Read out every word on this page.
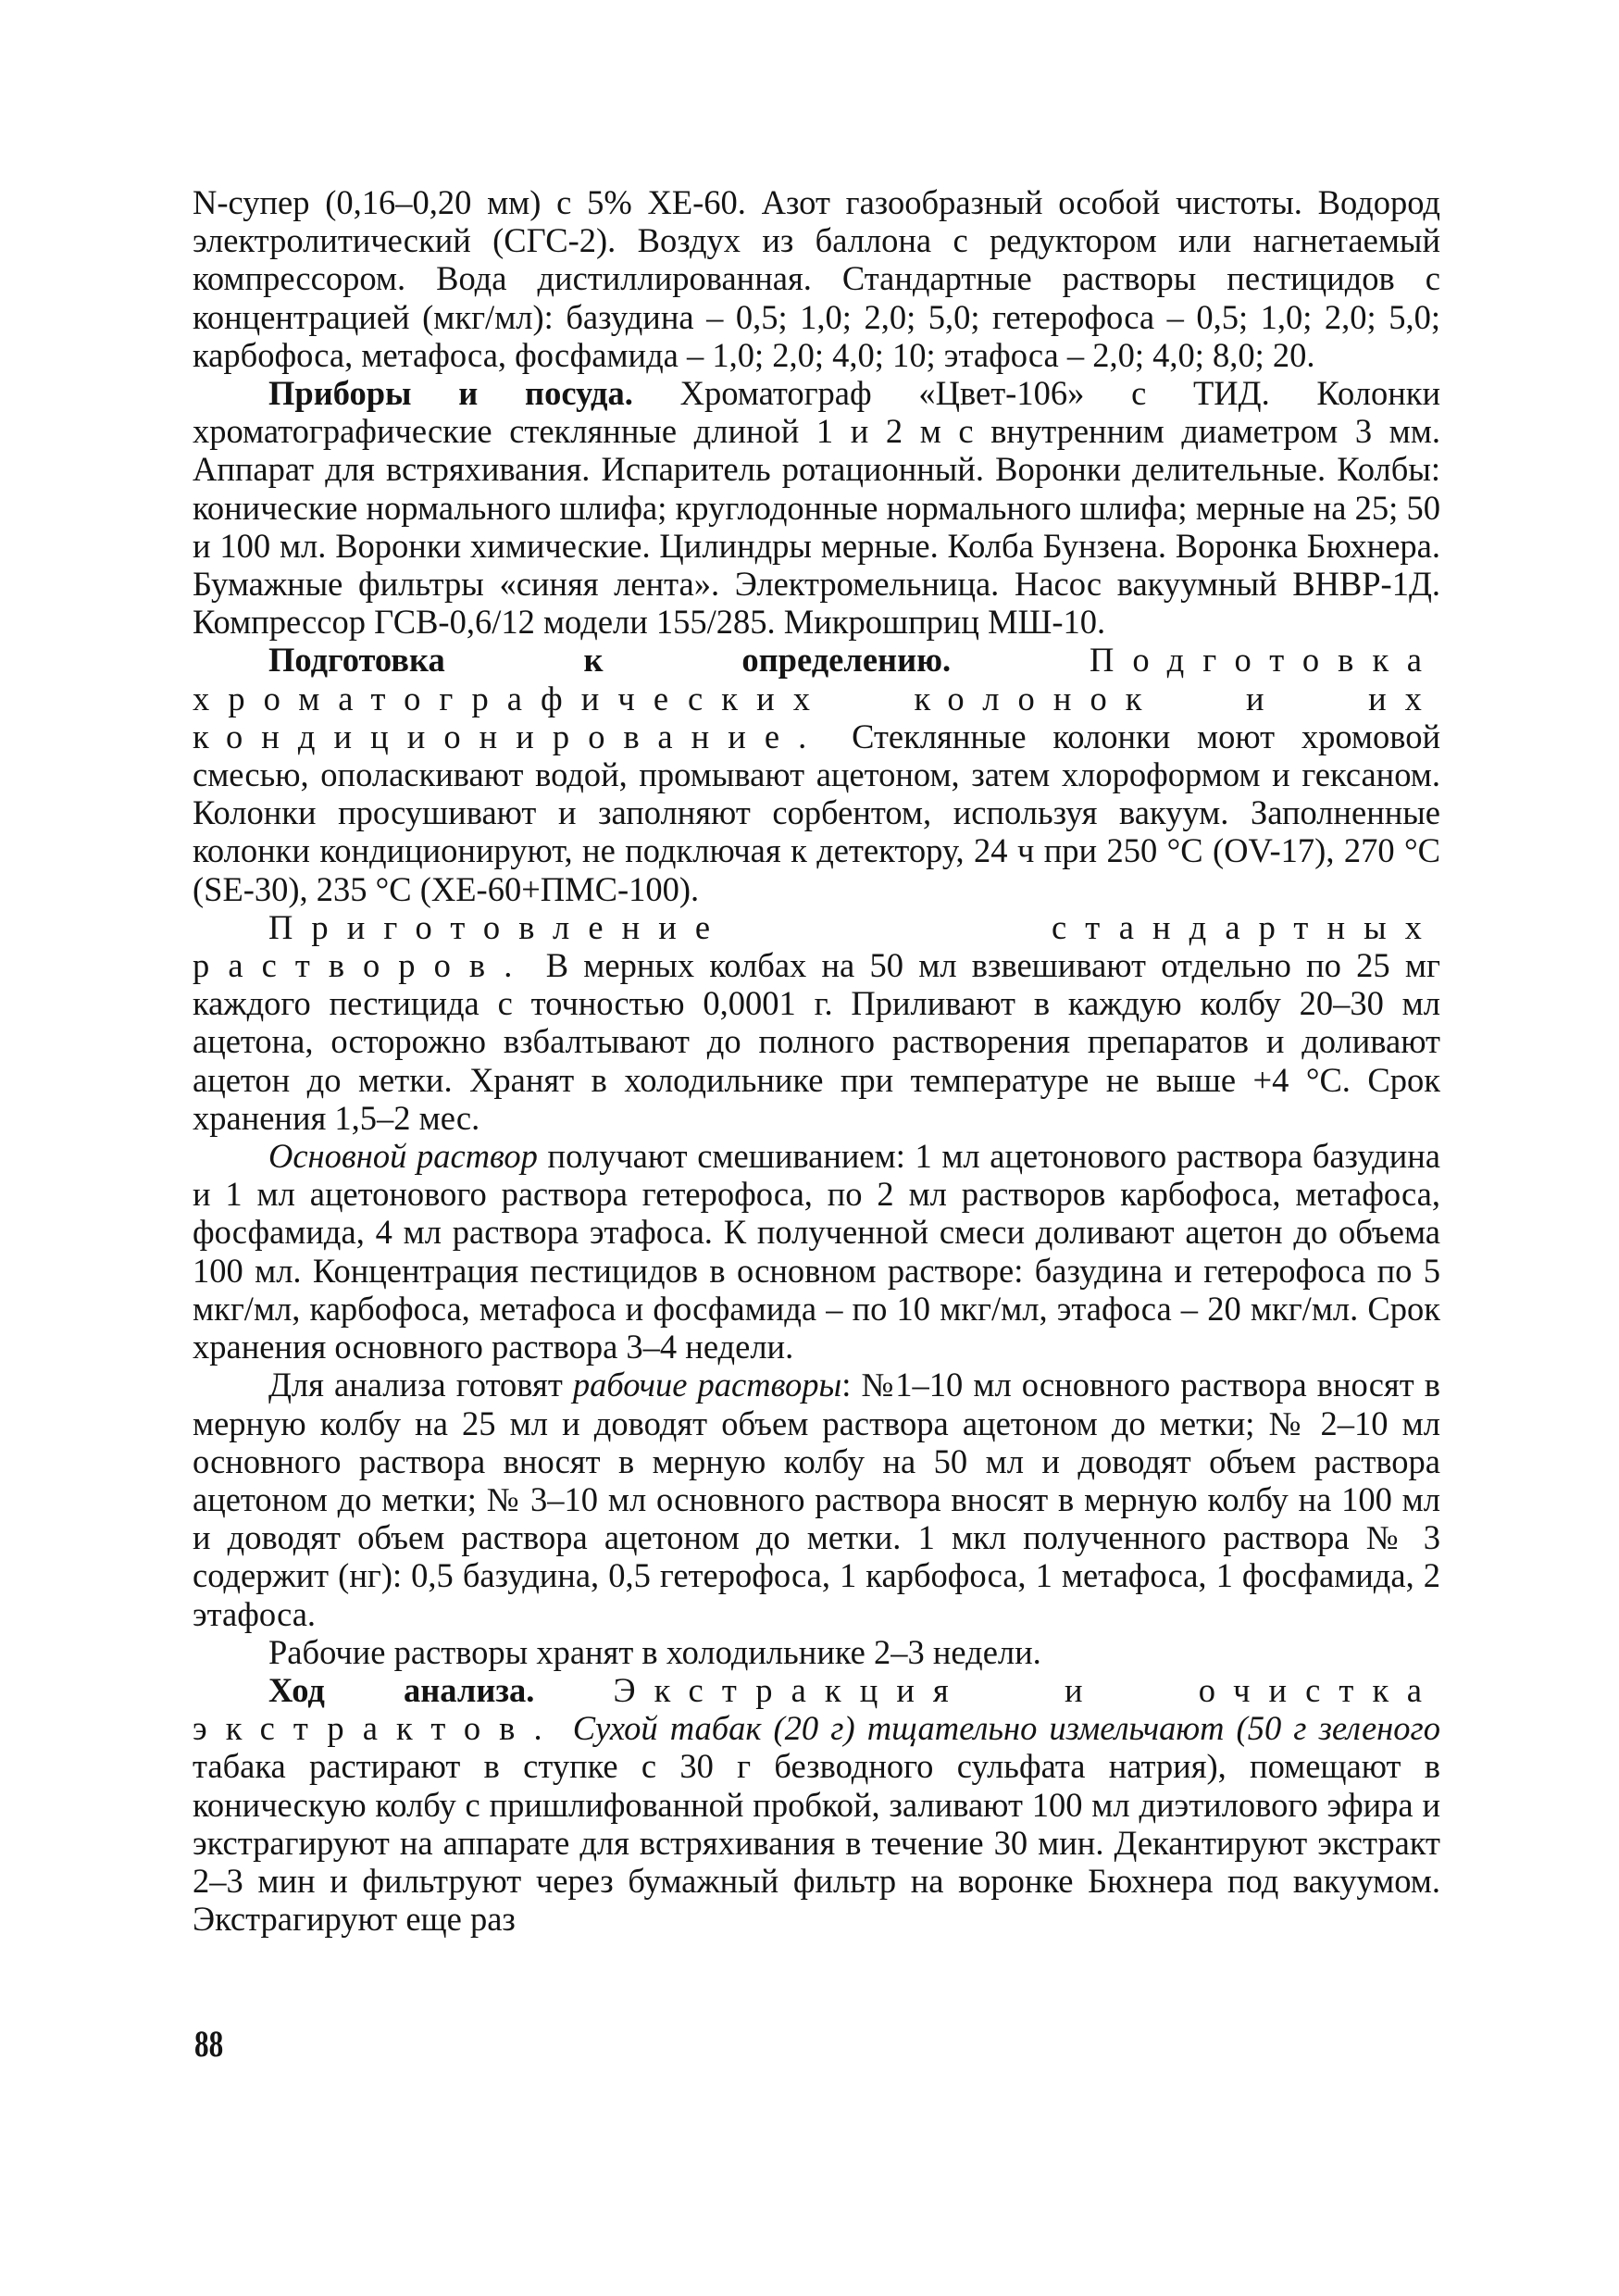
N-супер (0,16–0,20 мм) с 5% XE-60. Азот газообразный особой чистоты. Водород электролитический (СГС-2). Воздух из баллона с редуктором или нагнетаемый компрессором. Вода дистиллированная. Стандартные растворы пестицидов с концентрацией (мкг/мл): базудина – 0,5; 1,0; 2,0; 5,0; гетерофоса – 0,5; 1,0; 2,0; 5,0; карбофоса, метафоса, фосфамида – 1,0; 2,0; 4,0; 10; этафоса – 2,0; 4,0; 8,0; 20.

Приборы и посуда. Хроматограф «Цвет-106» с ТИД. Колонки хроматографические стеклянные длиной 1 и 2 м с внутренним диаметром 3 мм. Аппарат для встряхивания. Испаритель ротационный. Воронки делительные. Колбы: конические нормального шлифа; круглодонные нормального шлифа; мерные на 25; 50 и 100 мл. Воронки химические. Цилиндры мерные. Колба Бунзена. Воронка Бюхнера. Бумажные фильтры «синяя лента». Электромельница. Насос вакуумный ВНВР-1Д. Компрессор ГСВ-0,6/12 модели 155/285. Микрошприц МШ-10.

Подготовка к определению.	Подготовка хроматографических колонок и их кондиционирование. Стеклянные колонки моют хромовой смесью, ополаскивают водой, промывают ацетоном, затем хлороформом и гексаном. Колонки просушивают и заполняют сорбентом, используя вакуум. Заполненные колонки кондиционируют, не подключая к детектору, 24 ч при 250 °С (OV-17), 270 °С (SE-30), 235 °С (XE-60+ПМС-100).

Приготовление стандартных растворов. В мерных колбах на 50 мл взвешивают отдельно по 25 мг каждого пестицида с точностью 0,0001 г. Приливают в каждую колбу 20–30 мл ацетона, осторожно взбалтывают до полного растворения препаратов и доливают ацетон до метки. Хранят в холодильнике при температуре не выше +4 °С. Срок хранения 1,5–2 мес.

Основной раствор получают смешиванием: 1 мл ацетонового раствора базудина и 1 мл ацетонового раствора гетерофоса, по 2 мл растворов карбофоса, метафоса, фосфамида, 4 мл раствора этафоса. К полученной смеси доливают ацетон до объема 100 мл. Концентрация пестицидов в основном растворе: базудина и гетерофоса по 5 мкг/мл, карбофоса, метафоса и фосфамида – по 10 мкг/мл, этафоса – 20 мкг/мл. Срок хранения основного раствора 3–4 недели.

Для анализа готовят рабочие растворы: №1–10 мл основного раствора вносят в мерную колбу на 25 мл и доводят объем раствора ацетоном до метки; № 2–10 мл основного раствора вносят в мерную колбу на 50 мл и доводят объем раствора ацетоном до метки; № 3–10 мл основного раствора вносят в мерную колбу на 100 мл и доводят объем раствора ацетоном до метки. 1 мкл полученного раствора № 3 содержит (нг): 0,5 базудина, 0,5 гетерофоса, 1 карбофоса, 1 метафоса, 1 фосфамида, 2 этафоса.

Рабочие растворы хранят в холодильнике 2–3 недели.

Ход анализа. Экстракция и очистка экстрактов. Сухой табак (20 г) тщательно измельчают (50 г зеленого табака растирают в ступке с 30 г безводного сульфата натрия), помещают в коническую колбу с пришлифованной пробкой, заливают 100 мл диэтилового эфира и экстрагируют на аппарате для встряхивания в течение 30 мин. Декантируют экстракт 2–3 мин и фильтруют через бумажный фильтр на воронке Бюхнера под вакуумом. Экстрагируют еще раз

88
